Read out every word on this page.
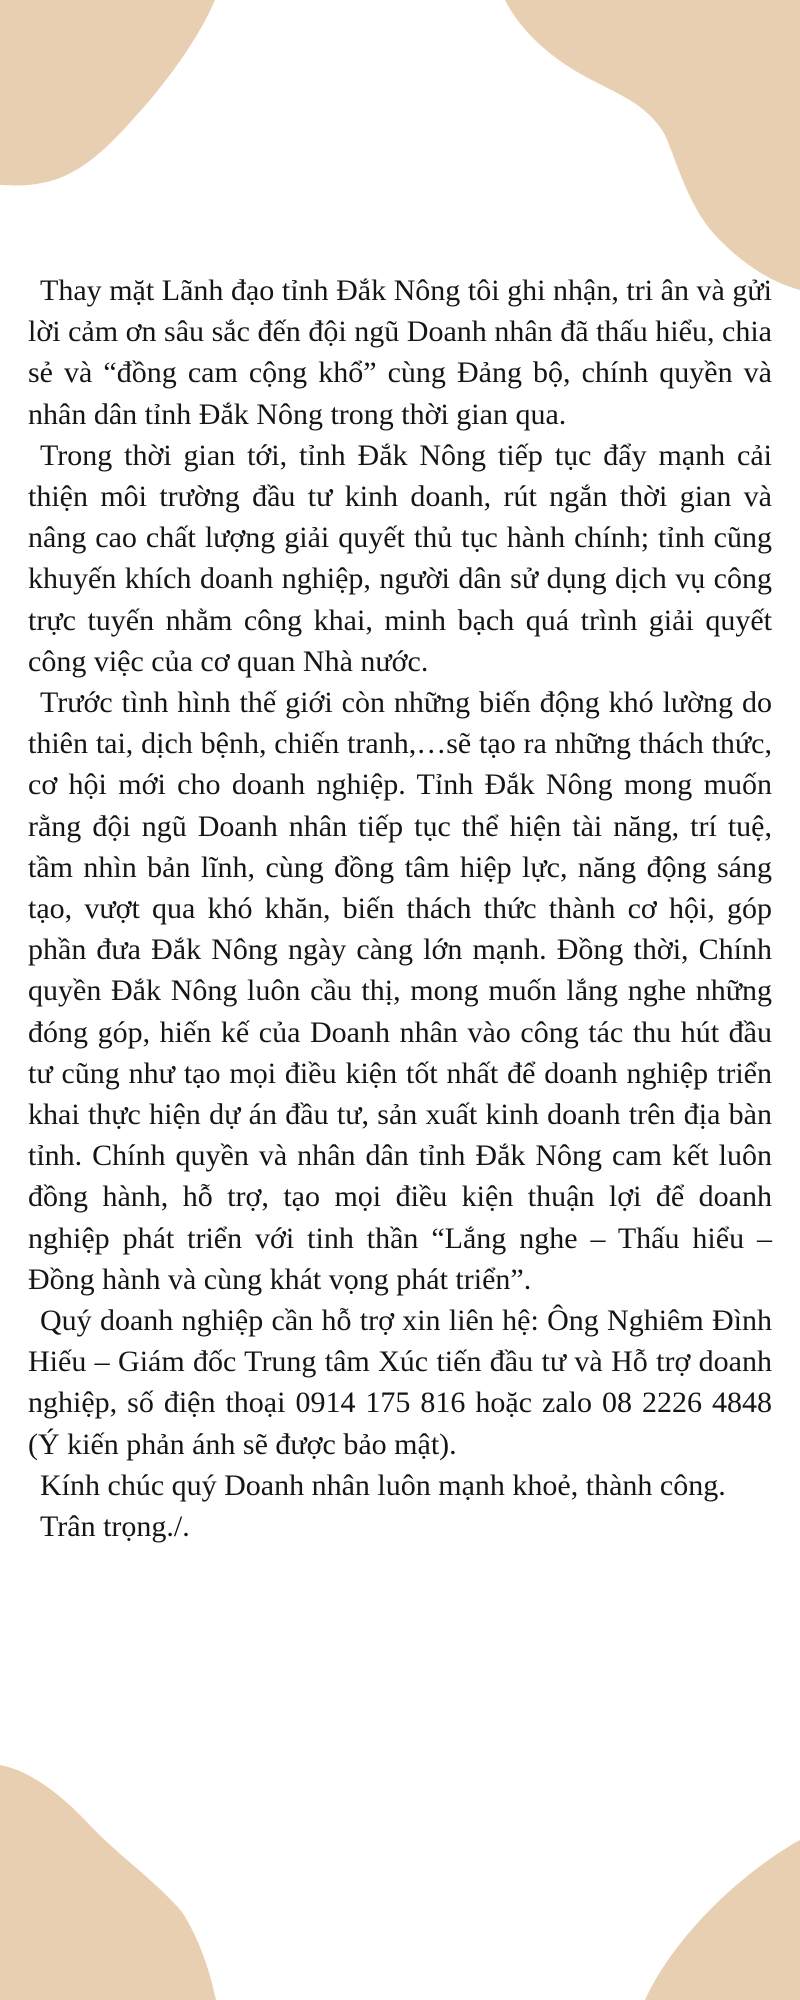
Thay mặt Lãnh đạo tỉnh Đắk Nông tôi ghi nhận, tri ân và gửi lời cảm ơn sâu sắc đến đội ngũ Doanh nhân đã thấu hiểu, chia sẻ và “đồng cam cộng khổ” cùng Đảng bộ, chính quyền và nhân dân tỉnh Đắk Nông trong thời gian qua.

Trong thời gian tới, tỉnh Đắk Nông tiếp tục đẩy mạnh cải thiện môi trường đầu tư kinh doanh, rút ngắn thời gian và nâng cao chất lượng giải quyết thủ tục hành chính; tỉnh cũng khuyến khích doanh nghiệp, người dân sử dụng dịch vụ công trực tuyến nhằm công khai, minh bạch quá trình giải quyết công việc của cơ quan Nhà nước.

Trước tình hình thế giới còn những biến động khó lường do thiên tai, dịch bệnh, chiến tranh,…sẽ tạo ra những thách thức, cơ hội mới cho doanh nghiệp. Tỉnh Đắk Nông mong muốn rằng đội ngũ Doanh nhân tiếp tục thể hiện tài năng, trí tuệ, tầm nhìn bản lĩnh, cùng đồng tâm hiệp lực, năng động sáng tạo, vượt qua khó khăn, biến thách thức thành cơ hội, góp phần đưa Đắk Nông ngày càng lớn mạnh. Đồng thời, Chính quyền Đắk Nông luôn cầu thị, mong muốn lắng nghe những đóng góp, hiến kế của Doanh nhân vào công tác thu hút đầu tư cũng như tạo mọi điều kiện tốt nhất để doanh nghiệp triển khai thực hiện dự án đầu tư, sản xuất kinh doanh trên địa bàn tỉnh. Chính quyền và nhân dân tỉnh Đắk Nông cam kết luôn đồng hành, hỗ trợ, tạo mọi điều kiện thuận lợi để doanh nghiệp phát triển với tinh thần “Lắng nghe – Thấu hiểu – Đồng hành và cùng khát vọng phát triển”.

Quý doanh nghiệp cần hỗ trợ xin liên hệ: Ông Nghiêm Đình Hiếu – Giám đốc Trung tâm Xúc tiến đầu tư và Hỗ trợ doanh nghiệp, số điện thoại 0914 175 816 hoặc zalo 08 2226 4848 (Ý kiến phản ánh sẽ được bảo mật).

Kính chúc quý Doanh nhân luôn mạnh khoẻ, thành công.

Trân trọng./.
